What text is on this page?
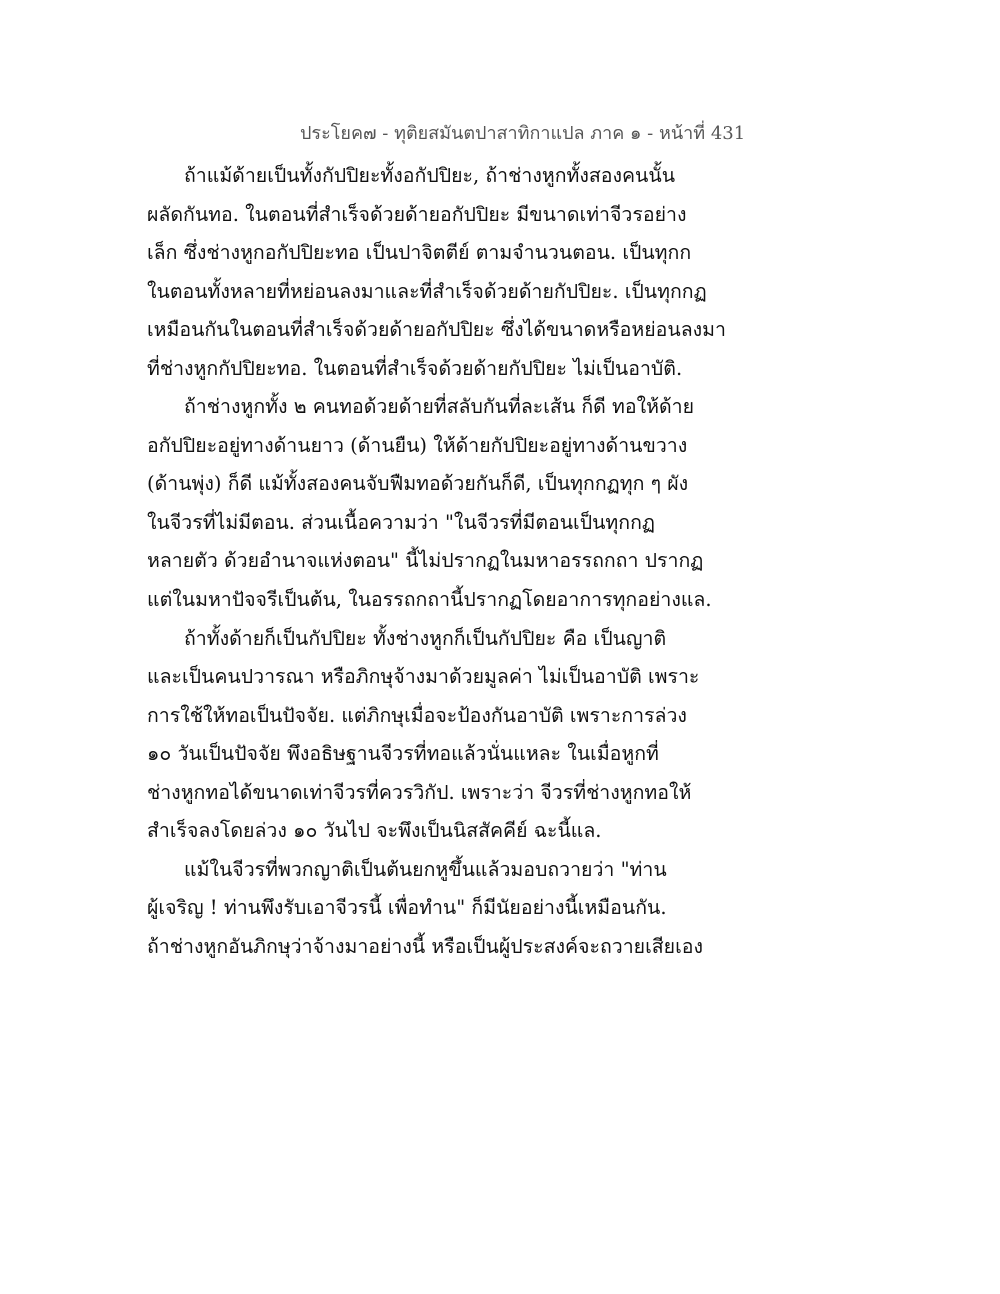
ประโยค๗ - ทุติยสมันตปาสาทิกาแปล ภาค ๑ - หน้าที่ 431
ถ้าแม้ด้ายเป็นทั้งกัปปิยะทั้งอกัปปิยะ, ถ้าช่างหูกทั้งสองคนนั้น
ผลัดกันทอ. ในตอนที่สำเร็จด้วยด้ายอกัปปิยะ มีขนาดเท่าจีวรอย่าง
เล็ก ซึ่งช่างหูกอกัปปิยะทอ เป็นปาจิตตีย์ ตามจำนวนตอน. เป็นทุกก
ในตอนทั้งหลายที่หย่อนลงมาและที่สำเร็จด้วยด้ายกัปปิยะ. เป็นทุกกฏ
เหมือนกันในตอนที่สำเร็จด้วยด้ายอกัปปิยะ ซึ่งได้ขนาดหรือหย่อนลงมา
ที่ช่างหูกกัปปิยะทอ. ในตอนที่สำเร็จด้วยด้ายกัปปิยะ ไม่เป็นอาบัติ.
ถ้าช่างหูกทั้ง ๒ คนทอด้วยด้ายที่สลับกันที่ละเส้น ก็ดี ทอให้ด้าย
อกัปปิยะอยู่ทางด้านยาว (ด้านยืน) ให้ด้ายกัปปิยะอยู่ทางด้านขวาง
(ด้านพุ่ง) ก็ดี แม้ทั้งสองคนจับฟืมทอด้วยกันก็ดี, เป็นทุกกฏทุก ๆ ผัง
ในจีวรที่ไม่มีตอน. ส่วนเนื้อความว่า "ในจีวรที่มีตอนเป็นทุกกฏ
หลายตัว ด้วยอำนาจแห่งตอน" นี้ไม่ปรากฏในมหาอรรถกถา ปรากฏ
แต่ในมหาปัจจรีเป็นต้น, ในอรรถกถานี้ปรากฏโดยอาการทุกอย่างแล.
ถ้าทั้งด้ายก็เป็นกัปปิยะ ทั้งช่างหูกก็เป็นกัปปิยะ คือ เป็นญาติ
และเป็นคนปวารณา หรือภิกษุจ้างมาด้วยมูลค่า ไม่เป็นอาบัติ เพราะ
การใช้ให้ทอเป็นปัจจัย. แต่ภิกษุเมื่อจะป้องกันอาบัติ เพราะการล่วง
๑๐ วันเป็นปัจจัย พึงอธิษฐานจีวรที่ทอแล้วนั่นแหละ ในเมื่อหูกที่
ช่างหูกทอได้ขนาดเท่าจีวรที่ควรวิกัป. เพราะว่า จีวรที่ช่างหูกทอให้
สำเร็จลงโดยล่วง ๑๐ วันไป จะพึงเป็นนิสสัคคีย์ ฉะนี้แล.
แม้ในจีวรที่พวกญาติเป็นต้นยกหูขึ้นแล้วมอบถวายว่า "ท่าน
ผู้เจริญ ! ท่านพึงรับเอาจีวรนี้ เพื่อทำน" ก็มีนัยอย่างนี้เหมือนกัน.
ถ้าช่างหูกอันภิกษุว่าจ้างมาอย่างนี้ หรือเป็นผู้ประสงค์จะถวายเสียเอง
